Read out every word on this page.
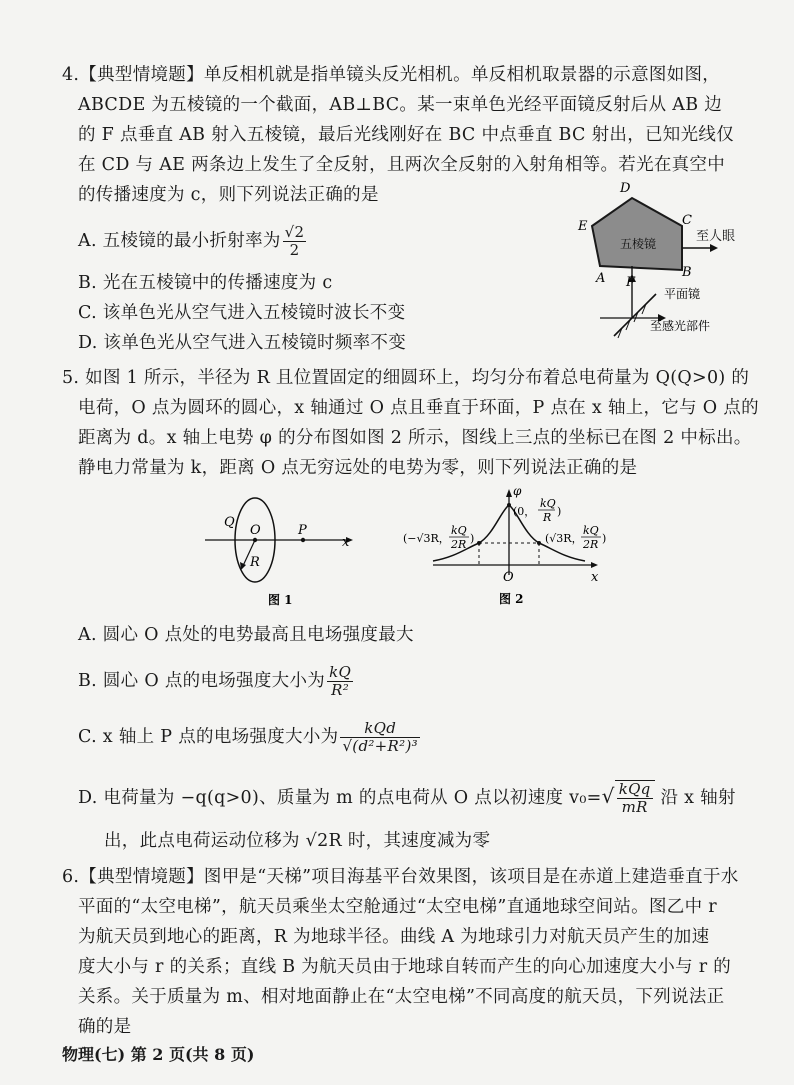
4.【典型情境题】单反相机就是指单镜头反光相机。单反相机取景器的示意图如图，
ABCDE 为五棱镜的一个截面，AB⊥BC。某一束单色光经平面镜反射后从 AB 边
的 F 点垂直 AB 射入五棱镜，最后光线刚好在 BC 中点垂直 BC 射出，已知光线仅
在 CD 与 AE 两条边上发生了全反射，且两次全反射的入射角相等。若光在真空中
的传播速度为 c，则下列说法正确的是
A. 五棱镜的最小折射率为 $\frac{√2}{2}$
B. 光在五棱镜中的传播速度为 c
C. 该单色光从空气进入五棱镜时波长不变
D. 该单色光从空气进入五棱镜时频率不变
五棱镜	至人眼
D
C
E
A	B
F
平面镜
至感光部件
5. 如图 1 所示，半径为 R 且位置固定的细圆环上，均匀分布着总电荷量为 Q(Q>0) 的
电荷，O 点为圆环的圆心，x 轴通过 O 点且垂直于环面，P 点在 x 轴上，它与 O 点的
距离为 d。x 轴上电势 φ 的分布图如图 2 所示，图线上三点的坐标已在图 2 中标出。
静电力常量为 k，距离 O 点无穷远处的电势为零，则下列说法正确的是
Q
O	P
R
x
图 1
φ
O	x
(0，
kQ
R )
(−√3R，
kQ
2R )	(√3R，
kQ
2R )
图 2
A. 圆心 O 点处的电势最高且电场强度最大
B. 圆心 O 点的电场强度大小为 $\frac{kQ}{\text{R²}}$
C. x 轴上 P 点的电场强度大小为 $\frac{\text{kQd}}{\text{√(d²+R²)³}}$
D. 电荷量为 −q(q>0)、质量为 m 的点电荷从 O 点以初速度 $v_0=√ \frac{\text{kQq}}{mR}$ 沿 x 轴射
出，此点电荷运动位移为 √2R 时，其速度减为零
6.【典型情境题】图甲是“天梯”项目海基平台效果图，该项目是在赤道上建造垂直于水
平面的“太空电梯”，航天员乘坐太空舱通过“太空电梯”直通地球空间站。图乙中 r
为航天员到地心的距离，R 为地球半径。曲线 A 为地球引力对航天员产生的加速
度大小与 r 的关系；直线 B 为航天员由于地球自转而产生的向心加速度大小与 r 的
关系。关于质量为 m、相对地面静止在“太空电梯”不同高度的航天员，下列说法正
确的是
物理(七) 第 2 页(共 8 页)
